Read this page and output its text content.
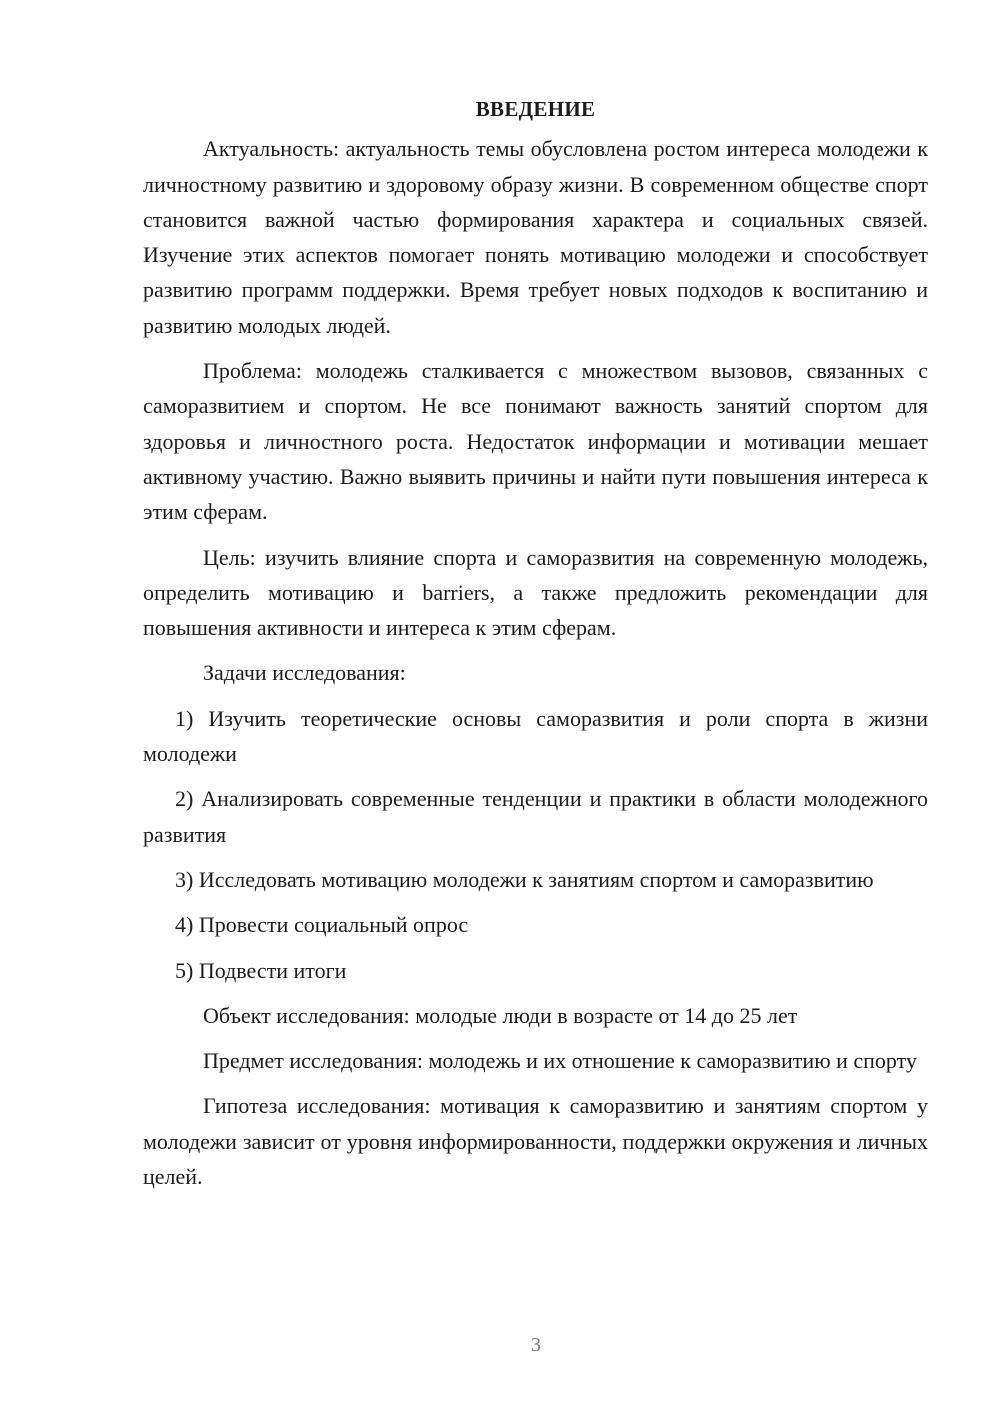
ВВЕДЕНИЕ

Актуальность: актуальность темы обусловлена ростом интереса молодежи к личностному развитию и здоровому образу жизни. В современном обществе спорт становится важной частью формирования характера и социальных связей. Изучение этих аспектов помогает понять мотивацию молодежи и способствует развитию программ поддержки. Время требует новых подходов к воспитанию и развитию молодых людей.

Проблема: молодежь сталкивается с множеством вызовов, связанных с саморазвитием и спортом. Не все понимают важность занятий спортом для здоровья и личностного роста. Недостаток информации и мотивации мешает активному участию. Важно выявить причины и найти пути повышения интереса к этим сферам.

Цель: изучить влияние спорта и саморазвития на современную молодежь, определить мотивацию и barriers, а также предложить рекомендации для повышения активности и интереса к этим сферам.

Задачи исследования:

1) Изучить теоретические основы саморазвития и роли спорта в жизни молодежи

2) Анализировать современные тенденции и практики в области молодежного развития

3) Исследовать мотивацию молодежи к занятиям спортом и саморазвитию

4) Провести социальный опрос

5) Подвести итоги

Объект исследования: молодые люди в возрасте от 14 до 25 лет

Предмет исследования: молодежь и их отношение к саморазвитию и спорту

Гипотеза исследования: мотивация к саморазвитию и занятиям спортом у молодежи зависит от уровня информированности, поддержки окружения и личных целей.

3
